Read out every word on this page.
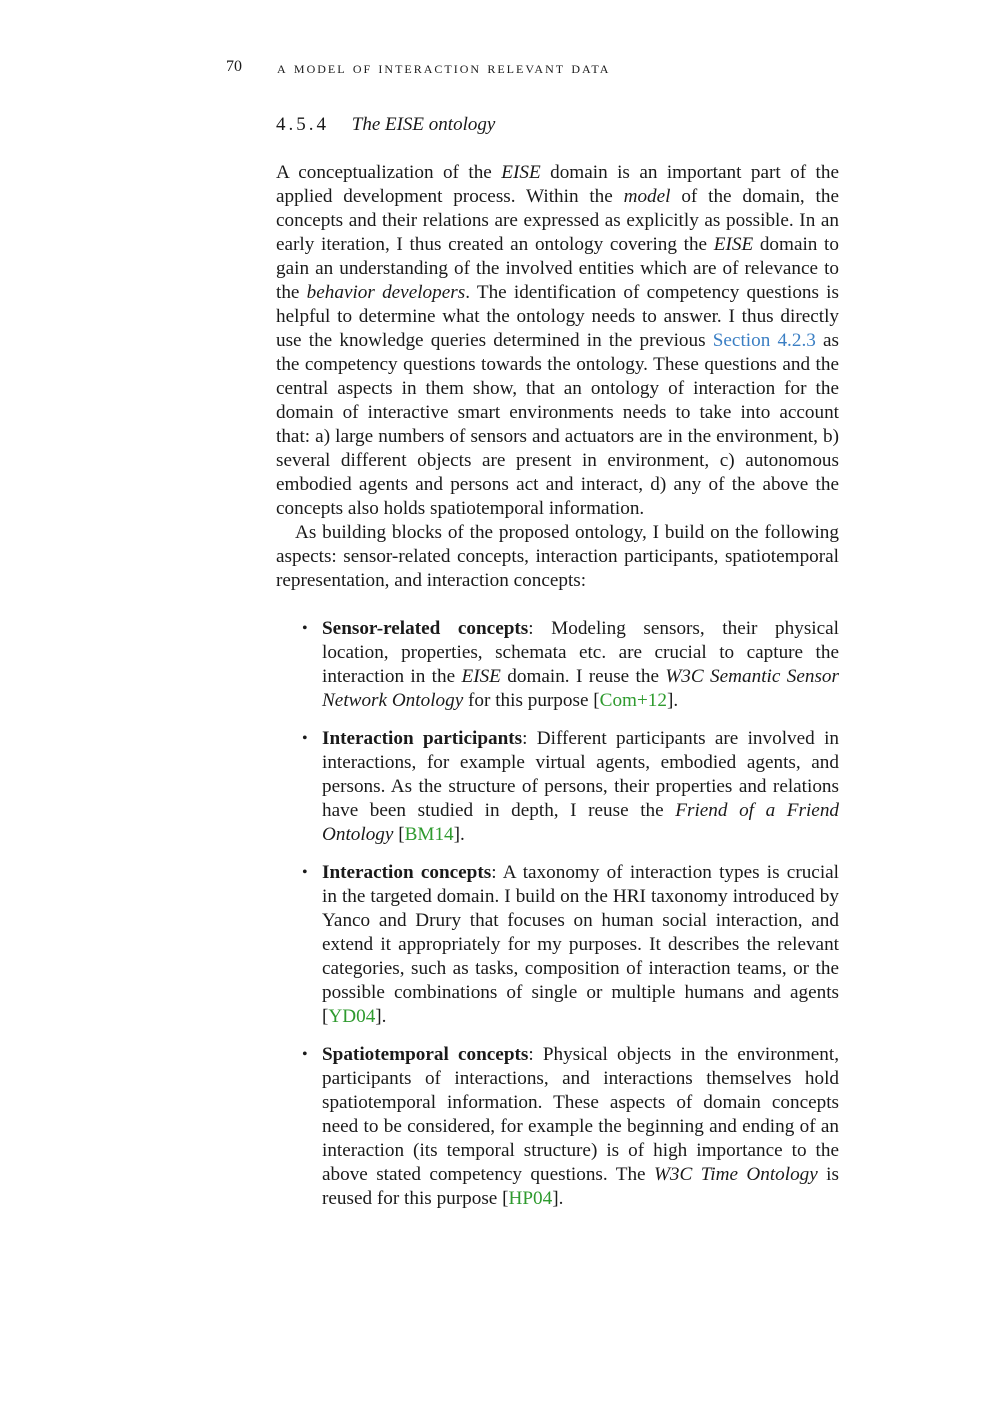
70	a model of interaction relevant data
4.5.4 The EISE ontology

A conceptualization of the EISE domain is an important part of the applied development process. Within the model of the domain, the concepts and their relations are expressed as explicitly as possible. In an early iteration, I thus created an ontology covering the EISE domain to gain an understanding of the involved entities which are of relevance to the behavior developers. The identification of competency questions is helpful to determine what the ontology needs to answer. I thus directly use the knowledge queries determined in the previous Section 4.2.3 as the competency questions towards the ontology. These questions and the central aspects in them show, that an ontology of interaction for the domain of interactive smart environments needs to take into account that: a) large numbers of sensors and actuators are in the environment, b) several different objects are present in environment, c) autonomous embodied agents and persons act and interact, d) any of the above the concepts also holds spatiotemporal information.

As building blocks of the proposed ontology, I build on the following aspects: sensor-related concepts, interaction participants, spatiotemporal representation, and interaction concepts:

• Sensor-related concepts: Modeling sensors, their physical location, properties, schemata etc. are crucial to capture the interaction in the EISE domain. I reuse the W3C Semantic Sensor Network Ontology for this purpose [Com+12].
• Interaction participants: Different participants are involved in interactions, for example virtual agents, embodied agents, and persons. As the structure of persons, their properties and relations have been studied in depth, I reuse the Friend of a Friend Ontology [BM14].
• Interaction concepts: A taxonomy of interaction types is crucial in the targeted domain. I build on the HRI taxonomy introduced by Yanco and Drury that focuses on human social interaction, and extend it appropriately for my purposes. It describes the relevant categories, such as tasks, composition of interaction teams, or the possible combinations of single or multiple humans and agents [YD04].
• Spatiotemporal concepts: Physical objects in the environment, participants of interactions, and interactions themselves hold spatiotemporal information. These aspects of domain concepts need to be considered, for example the beginning and ending of an interaction (its temporal structure) is of high importance to the above stated competency questions. The W3C Time Ontology is reused for this purpose [HP04].
